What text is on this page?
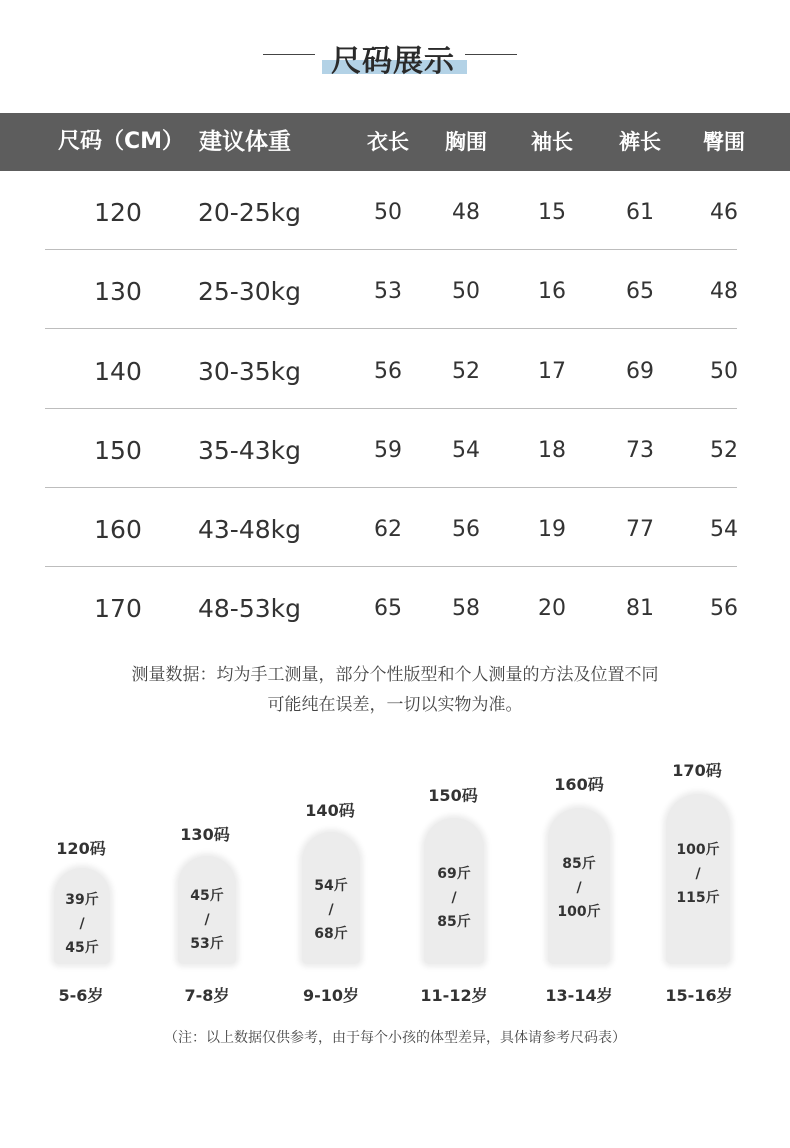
尺码展示
尺码（CM） 建议体重	衣长	胸围	袖长	裤长	臀围
120	20-25kg	50	48	15	61	46
130	25-30kg	53	50	16	65	48
140	30-35kg	56	52	17	69	50
150	35-43kg	59	54	18	73	52
160	43-48kg	62	56	19	77	54
170	48-53kg	65	58	20	81	56
测量数据：均为手工测量，部分个性版型和个人测量的方法及位置不同
可能纯在误差，一切以实物为准。
120码
39斤
/
45斤
5-6岁
130码
45斤
/
53斤
7-8岁
140码
54斤
/
68斤
9-10岁
150码
69斤
/
85斤
11-12岁
160码
85斤
/
100斤
13-14岁
170码
100斤
/
115斤
15-16岁
（注：以上数据仅供参考，由于每个小孩的体型差异，具体请参考尺码表）
